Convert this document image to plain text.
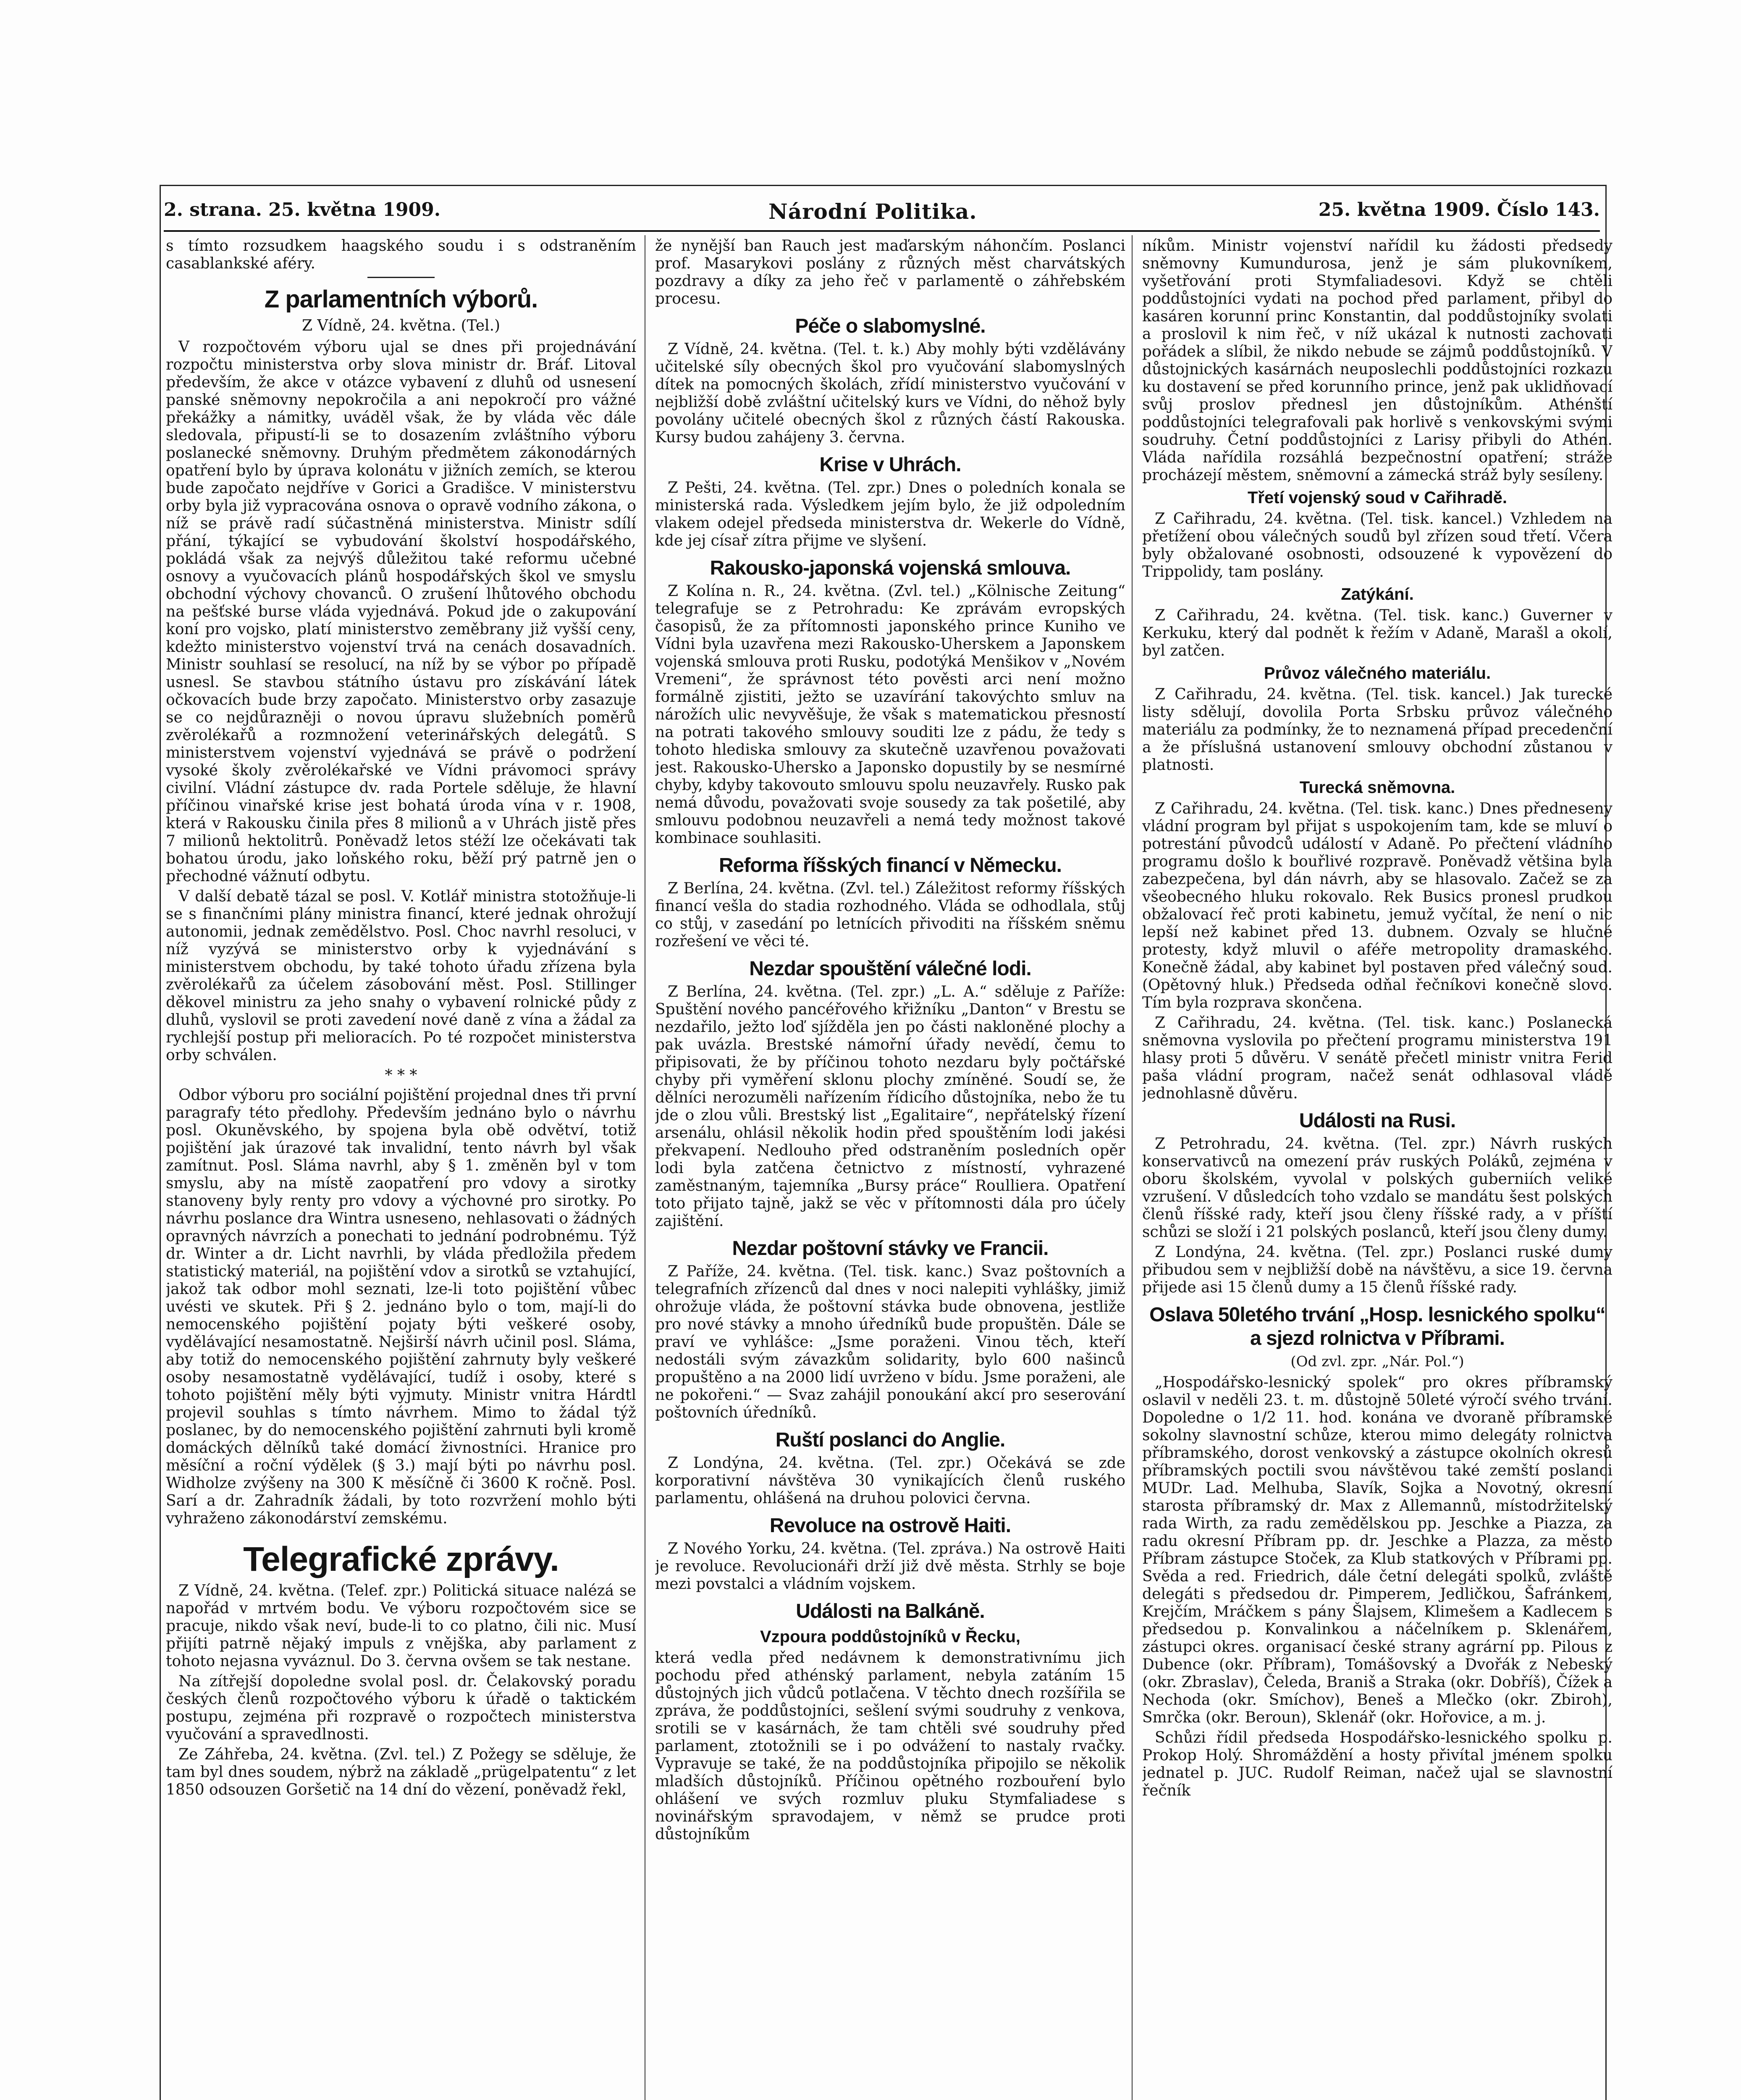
2. strana. 25. května 1909.	Národní Politika.	25. května 1909. Číslo 143.

s tímto rozsudkem haagského soudu i s odstraněním casablankské aféry.

Z parlamentních výborů.
Z Vídně, 24. května. (Tel.)

V rozpočtovém výboru ujal se dnes při projednávání rozpočtu ministerstva orby slova ministr dr. Bráf. Litoval především, že akce v otázce vybavení z dluhů od usnesení panské sněmovny nepokročila a ani nepokročí pro vážné překážky a námitky, uváděl však, že by vláda věc dále sledovala, připustí-li se to dosazením zvláštního výboru poslanecké sněmovny. Druhým předmětem zákonodárných opatření bylo by úprava kolonátu v jižních zemích, se kterou bude započato nejdříve v Gorici a Gradišce. V ministerstvu orby byla již vypracována osnova o opravě vodního zákona, o níž se právě radí súčastněná ministerstva. Ministr sdílí přání, týkající se vybudování školství hospodářského, pokládá však za nejvýš důležitou také reformu učebné osnovy a vyučovacích plánů hospodářských škol ve smyslu obchodní výchovy chovanců. O zrušení lhůtového obchodu na pešťské burse vláda vyjednává. Pokud jde o zakupování koní pro vojsko, platí ministerstvo zeměbrany již vyšší ceny, kdežto ministerstvo vojenství trvá na cenách dosavadních. Ministr souhlasí se resolucí, na níž by se výbor po případě usnesl. Se stavbou státního ústavu pro získávání látek očkovacích bude brzy započato. Ministerstvo orby zasazuje se co nejdůrazněji o novou úpravu služebních poměrů zvěrolékařů a rozmnožení veterinářských delegátů. S ministerstvem vojenství vyjednává se právě o podržení vysoké školy zvěrolékařské ve Vídni právomoci správy civilní. Vládní zástupce dv. rada Portele sděluje, že hlavní příčinou vinařské krise jest bohatá úroda vína v r. 1908, která v Rakousku činila přes 8 milionů a v Uhrách jistě přes 7 milionů hektolitrů. Poněvadž letos stéží lze očekávati tak bohatou úrodu, jako loňského roku, běží prý patrně jen o přechodné vážnutí odbytu.

V další debatě tázal se posl. V. Kotlář ministra stotožňuje-li se s finančními plány ministra financí, které jednak ohrožují autonomii, jednak zemědělstvo. Posl. Choc navrhl resoluci, v níž vyzývá se ministerstvo orby k vyjednávání s ministerstvem obchodu, by také tohoto úřadu zřízena byla zvěrolékařů za účelem zásobování měst. Posl. Stillinger děkovel ministru za jeho snahy o vybavení rolnické půdy z dluhů, vyslovil se proti zavedení nové daně z vína a žádal za rychlejší postup při melioracích. Po té rozpočet ministerstva orby schválen.

* * *

Odbor výboru pro sociální pojištění projednal dnes tři první paragrafy této předlohy. Především jednáno bylo o návrhu posl. Okuněvského, by spojena byla obě odvětví, totiž pojištění jak úrazové tak invalidní, tento návrh byl však zamítnut. Posl. Sláma navrhl, aby § 1. změněn byl v tom smyslu, aby na místě zaopatření pro vdovy a sirotky stanoveny byly renty pro vdovy a výchovné pro sirotky. Po návrhu poslance dra Wintra usneseno, nehlasovati o žádných opravných návrzích a ponechati to jednání podrobnému. Týž dr. Winter a dr. Licht navrhli, by vláda předložila předem statistický materiál, na pojištění vdov a sirotků se vztahující, jakož tak odbor mohl seznati, lze-li toto pojištění vůbec uvésti ve skutek. Při § 2. jednáno bylo o tom, mají-li do nemocenského pojištění pojaty býti veškeré osoby, vydělávající nesamostatně. Nejširší návrh učinil posl. Sláma, aby totiž do nemocenského pojištění zahrnuty byly veškeré osoby nesamostatně vydělávající, tudíž i osoby, které s tohoto pojištění měly býti vyjmuty. Ministr vnitra Hárdtl projevil souhlas s tímto návrhem. Mimo to žádal týž poslanec, by do nemocenského pojištění zahrnuti byli kromě domáckých dělníků také domácí živnostníci. Hranice pro měsíční a roční výdělek (§ 3.) mají býti po návrhu posl. Widholze zvýšeny na 300 K měsíčně či 3600 K ročně. Posl. Sarí a dr. Zahradník žádali, by toto rozvržení mohlo býti vyhraženo zákonodárství zemskému.

Telegrafické zprávy.

Z Vídně, 24. května. (Telef. zpr.) Politická situace nalézá se napořád v mrtvém bodu. Ve výboru rozpočtovém sice se pracuje, nikdo však neví, bude-li to co platno, čili nic. Musí přijíti patrně nějaký impuls z vnějška, aby parlament z tohoto nejasna vyváznul. Do 3. června ovšem se tak nestane.

Na zítřejší dopoledne svolal posl. dr. Čelakovský poradu českých členů rozpočtového výboru k úřadě o taktickém postupu, zejména při rozpravě o rozpočtech ministerstva vyučování a spravedlnosti.

Ze Záhřeba, 24. května. (Zvl. tel.) Z Požegy se sděluje, že tam byl dnes soudem, nýbrž na základě „prügelpatentu“ z let 1850 odsouzen Goršetič na 14 dní do vězení, poněvadž řekl,

že nynější ban Rauch jest maďarským náhončím. Poslanci prof. Masarykovi poslány z různých měst charvátských pozdravy a díky za jeho řeč v parlamentě o záhřebském procesu.

Péče o slabomyslné.

Z Vídně, 24. května. (Tel. t. k.) Aby mohly býti vzdělávány učitelské síly obecných škol pro vyučování slabomyslných dítek na pomocných školách, zřídí ministerstvo vyučování v nejbližší době zvláštní učitelský kurs ve Vídni, do něhož byly povolány učitelé obecných škol z různých částí Rakouska. Kursy budou zahájeny 3. června.

Krise v Uhrách.

Z Pešti, 24. května. (Tel. zpr.) Dnes o poledních konala se ministerská rada. Výsledkem jejím bylo, že již odpoledním vlakem odejel předseda ministerstva dr. Wekerle do Vídně, kde jej císař zítra přijme ve slyšení.

Rakousko-japonská vojenská smlouva.

Z Kolína n. R., 24. května. (Zvl. tel.) „Kölnische Zeitung“ telegrafuje se z Petrohradu: Ke zprávám evropských časopisů, že za přítomnosti japonského prince Kuniho ve Vídni byla uzavřena mezi Rakousko-Uherskem a Japonskem vojenská smlouva proti Rusku, podotýká Menšikov v „Novém Vremeni“, že správnost této pověsti arci není možno formálně zjistiti, ježto se uzavírání takovýchto smluv na nárožích ulic nevyvěšuje, že však s matematickou přesností na potrati takového smlouvy souditi lze z pádu, že tedy s tohoto hlediska smlouvy za skutečně uzavřenou považovati jest. Rakousko-Uhersko a Japonsko dopustily by se nesmírné chyby, kdyby takovouto smlouvu spolu neuzavřely. Rusko pak nemá důvodu, považovati svoje sousedy za tak pošetilé, aby smlouvu podobnou neuzavřeli a nemá tedy možnost takové kombinace souhlasiti.

Reforma říšských financí v Německu.

Z Berlína, 24. května. (Zvl. tel.) Záležitost reformy říšských financí vešla do stadia rozhodného. Vláda se odhodlala, stůj co stůj, v zasedání po letnících přivoditi na říšském sněmu rozřešení ve věci té.

Nezdar spouštění válečné lodi.

Z Berlína, 24. května. (Tel. zpr.) „L. A.“ sděluje z Paříže: Spuštění nového pancéřového křižníku „Danton“ v Brestu se nezdařilo, ježto loď sjížděla jen po části nakloněné plochy a pak uvázla. Brestské námořní úřady nevědí, čemu to připisovati, že by příčinou tohoto nezdaru byly počtářské chyby při vyměření sklonu plochy zmíněné. Soudí se, že dělníci nerozuměli nařízením řídicího důstojníka, nebo že tu jde o zlou vůli. Brestský list „Egalitaire“, nepřátelský řízení arsenálu, ohlásil několik hodin před spouštěním lodi jakési překvapení. Nedlouho před odstraněním posledních opěr lodi byla zatčena četnictvo z místností, vyhrazené zaměstnaným, tajemníka „Bursy práce“ Roulliera. Opatření toto přijato tajně, jakž se věc v přítomnosti dála pro účely zajištění.

Nezdar poštovní stávky ve Francii.

Z Paříže, 24. května. (Tel. tisk. kanc.) Svaz poštovních a telegrafních zřízenců dal dnes v noci nalepiti vyhlášky, jimiž ohrožuje vláda, že poštovní stávka bude obnovena, jestliže pro nové stávky a mnoho úředníků bude propuštěn. Dále se praví ve vyhlášce: „Jsme poraženi. Vinou těch, kteří nedostáli svým závazkům solidarity, bylo 600 našinců propuštěno a na 2000 lidí uvrženo v bídu. Jsme poraženi, ale ne pokořeni.“ — Svaz zahájil ponoukání akcí pro seserování poštovních úředníků.

Ruští poslanci do Anglie.

Z Londýna, 24. května. (Tel. zpr.) Očekává se zde korporativní návštěva 30 vynikajících členů ruského parlamentu, ohlášená na druhou polovici června.

Revoluce na ostrově Haiti.

Z Nového Yorku, 24. května. (Tel. zpráva.) Na ostrově Haiti je revoluce. Revolucionáři drží již dvě města. Strhly se boje mezi povstalci a vládním vojskem.

Události na Balkáně.
Vzpoura poddůstojníků v Řecku,

která vedla před nedávnem k demonstrativnímu jich pochodu před athénský parlament, nebyla zatáním 15 důstojných jich vůdců potlačena. V těchto dnech rozšířila se zpráva, že poddůstojníci, sešlení svými soudruhy z venkova, srotili se v kasárnách, že tam chtěli své soudruhy před parlament, ztotožnili se i po odvážení to nastaly rvačky. Vypravuje se také, že na poddůstojníka připojilo se několik mladších důstojníků. Příčinou opětného rozbouření bylo ohlášení ve svých rozmluv pluku Stymfaliadese s novinářským spravodajem, v němž se prudce proti důstojníkům

níkům. Ministr vojenství nařídil ku žádosti předsedy sněmovny Kumundurosa, jenž je sám plukovníkem, vyšetřování proti Stymfaliadesovi. Když se chtěli poddůstojníci vydati na pochod před parlament, přibyl do kasáren korunní princ Konstantin, dal poddůstojníky svolati a proslovil k nim řeč, v níž ukázal k nutnosti zachovati pořádek a slíbil, že nikdo nebude se zájmů poddůstojníků. V důstojnických kasárnách neuposlechli poddůstojníci rozkazu ku dostavení se před korunního prince, jenž pak uklidňovací svůj proslov přednesl jen důstojníkům. Athénští poddůstojníci telegrafovali pak horlivě s venkovskými svými soudruhy. Četní poddůstojníci z Larisy přibyli do Athén. Vláda nařídila rozsáhlá bezpečnostní opatření; stráže procházejí městem, sněmovní a zámecká stráž byly sesíleny.

Třetí vojenský soud v Cařihradě.

Z Cařihradu, 24. května. (Tel. tisk. kancel.) Vzhledem na přetížení obou válečných soudů byl zřízen soud třetí. Včera byly obžalované osobnosti, odsouzené k vypovězení do Trippolidy, tam poslány.

Zatýkání.

Z Cařihradu, 24. května. (Tel. tisk. kanc.) Guverner v Kerkuku, který dal podnět k řežím v Adaně, Marašl a okolí, byl zatčen.

Průvoz válečného materiálu.

Z Cařihradu, 24. května. (Tel. tisk. kancel.) Jak turecké listy sdělují, dovolila Porta Srbsku průvoz válečného materiálu za podmínky, že to neznamená případ precedenční a že příslušná ustanovení smlouvy obchodní zůstanou v platnosti.

Turecká sněmovna.

Z Cařihradu, 24. května. (Tel. tisk. kanc.) Dnes předneseny vládní program byl přijat s uspokojením tam, kde se mluví o potrestání původců událostí v Adaně. Po přečtení vládního programu došlo k bouřlivé rozpravě. Poněvadž většina byla zabezpečena, byl dán návrh, aby se hlasovalo. Začež se za všeobecného hluku rokovalo. Rek Busics pronesl prudkou obžalovací řeč proti kabinetu, jemuž vyčítal, že není o nic lepší než kabinet před 13. dubnem. Ozvaly se hlučné protesty, když mluvil o aféře metropolity dramaského. Konečně žádal, aby kabinet byl postaven před válečný soud. (Opětovný hluk.) Předseda odňal řečníkovi konečně slovo. Tím byla rozprava skončena.

Z Cařihradu, 24. května. (Tel. tisk. kanc.) Poslanecká sněmovna vyslovila po přečtení programu ministerstva 191 hlasy proti 5 důvěru. V senátě přečetl ministr vnitra Ferid paša vládní program, načež senát odhlasoval vládě jednohlasně důvěru.

Události na Rusi.

Z Petrohradu, 24. května. (Tel. zpr.) Návrh ruských konservativců na omezení práv ruských Poláků, zejména v oboru školském, vyvolal v polských guberniích veliké vzrušení. V důsledcích toho vzdalo se mandátu šest polských členů říšské rady, kteří jsou členy říšské rady, a v příští schůzi se složí i 21 polských poslanců, kteří jsou členy dumy.

Z Londýna, 24. května. (Tel. zpr.) Poslanci ruské dumy přibudou sem v nejbližší době na návštěvu, a sice 19. června přijede asi 15 členů dumy a 15 členů říšské rady.

Oslava 50letého trvání „Hosp. lesnického spolku“ a sjezd rolnictva v Příbrami.
(Od zvl. zpr. „Nár. Pol.“)

„Hospodářsko-lesnický spolek“ pro okres příbramský oslavil v neděli 23. t. m. důstojně 50leté výročí svého trvání. Dopoledne o 1/2 11. hod. konána ve dvoraně příbramské sokolny slavnostní schůze, kterou mimo delegáty rolnictva příbramského, dorost venkovský a zástupce okolních okresů příbramských poctili svou návštěvou také zemští poslanci MUDr. Lad. Melhuba, Slavík, Sojka a Novotný, okresní starosta příbramský dr. Max z Allemannů, místodržitelský rada Wirth, za radu zemědělskou pp. Jeschke a Piazza, za radu okresní Příbram pp. dr. Jeschke a Plazza, za město Příbram zástupce Stoček, za Klub statkových v Příbrami pp. Svěda a red. Friedrich, dále četní delegáti spolků, zvláště delegáti s předsedou dr. Pimperem, Jedličkou, Šafránkem, Krejčím, Mráčkem s pány Šlajsem, Klimešem a Kadlecem s předsedou p. Konvalinkou a náčelníkem p. Sklenářem, zástupci okres. organisací české strany agrární pp. Pilous z Dubence (okr. Příbram), Tomášovský a Dvořák z Nebeský (okr. Zbraslav), Čeleda, Braniš a Straka (okr. Dobříš), Čížek a Nechoda (okr. Smíchov), Beneš a Mlečko (okr. Zbiroh), Smrčka (okr. Beroun), Sklenář (okr. Hořovice, a m. j.

Schůzi řídil předseda Hospodářsko-lesnického spolku p. Prokop Holý. Shromáždění a hosty přivítal jménem spolku jednatel p. JUC. Rudolf Reiman, načež ujal se slavnostní řečník
